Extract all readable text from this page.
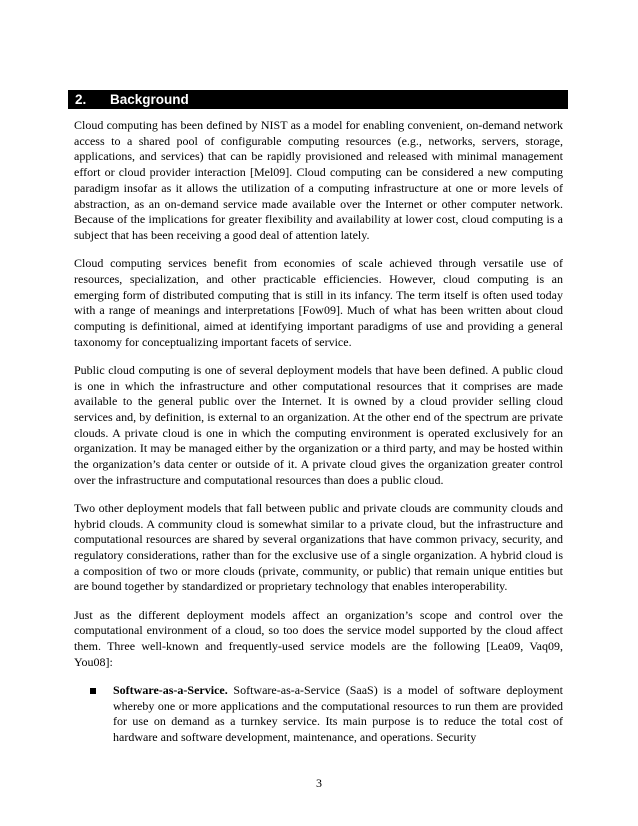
2. Background

Cloud computing has been defined by NIST as a model for enabling convenient, on-demand network access to a shared pool of configurable computing resources (e.g., networks, servers, storage, applications, and services) that can be rapidly provisioned and released with minimal management effort or cloud provider interaction [Mel09]. Cloud computing can be considered a new computing paradigm insofar as it allows the utilization of a computing infrastructure at one or more levels of abstraction, as an on-demand service made available over the Internet or other computer network. Because of the implications for greater flexibility and availability at lower cost, cloud computing is a subject that has been receiving a good deal of attention lately.

Cloud computing services benefit from economies of scale achieved through versatile use of resources, specialization, and other practicable efficiencies. However, cloud computing is an emerging form of distributed computing that is still in its infancy. The term itself is often used today with a range of meanings and interpretations [Fow09]. Much of what has been written about cloud computing is definitional, aimed at identifying important paradigms of use and providing a general taxonomy for conceptualizing important facets of service.

Public cloud computing is one of several deployment models that have been defined. A public cloud is one in which the infrastructure and other computational resources that it comprises are made available to the general public over the Internet. It is owned by a cloud provider selling cloud services and, by definition, is external to an organization. At the other end of the spectrum are private clouds. A private cloud is one in which the computing environment is operated exclusively for an organization. It may be managed either by the organization or a third party, and may be hosted within the organization’s data center or outside of it. A private cloud gives the organization greater control over the infrastructure and computational resources than does a public cloud.

Two other deployment models that fall between public and private clouds are community clouds and hybrid clouds. A community cloud is somewhat similar to a private cloud, but the infrastructure and computational resources are shared by several organizations that have common privacy, security, and regulatory considerations, rather than for the exclusive use of a single organization. A hybrid cloud is a composition of two or more clouds (private, community, or public) that remain unique entities but are bound together by standardized or proprietary technology that enables interoperability.

Just as the different deployment models affect an organization’s scope and control over the computational environment of a cloud, so too does the service model supported by the cloud affect them. Three well-known and frequently-used service models are the following [Lea09, Vaq09, You08]:

Software-as-a-Service. Software-as-a-Service (SaaS) is a model of software deployment whereby one or more applications and the computational resources to run them are provided for use on demand as a turnkey service. Its main purpose is to reduce the total cost of hardware and software development, maintenance, and operations. Security
3
